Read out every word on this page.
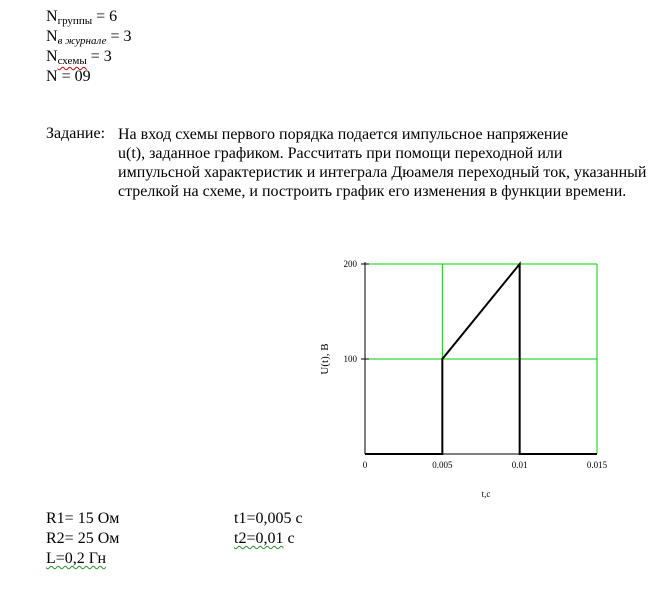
$N_{группы} = 6$
$N_{в журнале} = 3$
$N_{схемы} = 3$
N = 09
Задание: На вход схемы первого порядка подается импульсное напряжение
u(t), заданное графиком. Рассчитать при помощи переходной или импульсной характеристик и интеграла Дюамеля переходный ток, указанный стрелкой на схеме, и построить график его изменения в функции времени.
0	0.005	0.01	0.015
100
200
t,c
U(t), B
R1= 15 Ом
R2= 25 Ом
L=0,2 Гн
t1=0,005 с
t2=0,01 с
